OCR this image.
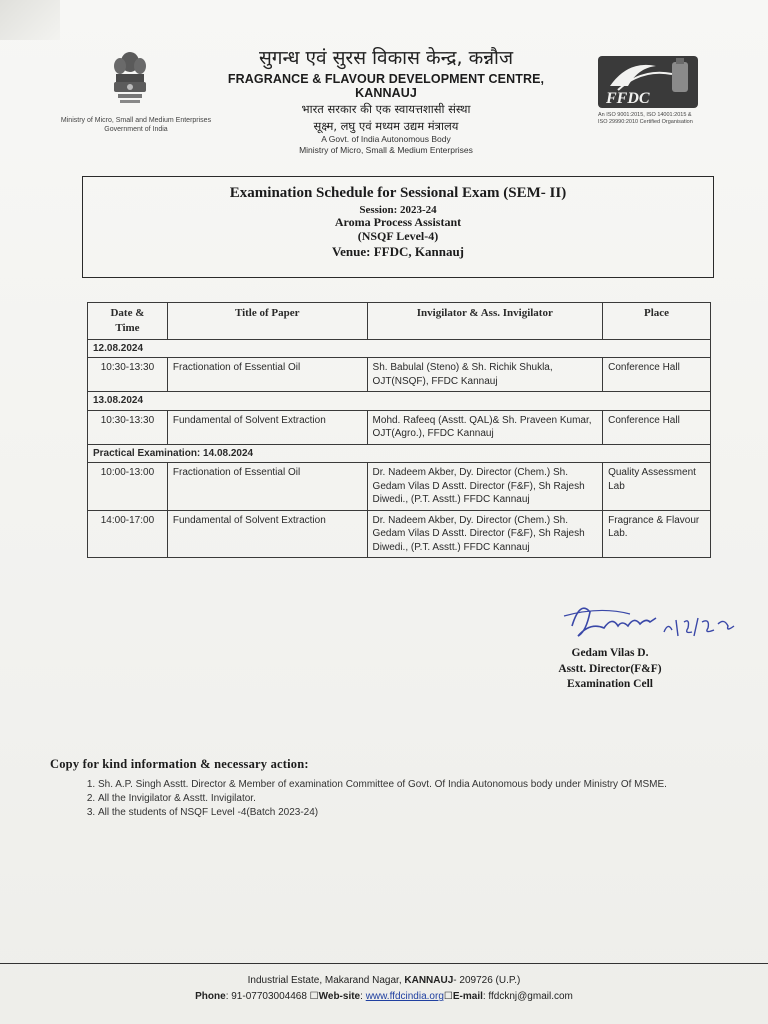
Ministry of Micro, Small and Medium Enterprises
Government of India
सुगन्ध एवं सुरस विकास केन्द्र, कन्नौज
FRAGRANCE & FLAVOUR DEVELOPMENT CENTRE, KANNAUJ
भारत सरकार की एक स्वायत्तशासी संस्था
सूक्ष्म, लघु एवं मध्यम उद्यम मंत्रालय
A Govt. of India Autonomous Body
Ministry of Micro, Small & Medium Enterprises
FFDC
An ISO 9001:2015, ISO 14001:2015 &
ISO 29990:2010 Certified Organisation
Examination Schedule for Sessional Exam (SEM- II)
Session: 2023-24
Aroma Process Assistant
(NSQF Level-4)
Venue: FFDC, Kannauj
Date &
Time	Title of Paper	Invigilator & Ass. Invigilator	Place
12.08.2024			
10:30-13:30	Fractionation of Essential Oil	Sh. Babulal (Steno) & Sh. Richik Shukla, OJT(NSQF), FFDC Kannauj	Conference Hall
13.08.2024			
10:30-13:30	Fundamental of Solvent Extraction	Mohd. Rafeeq (Asstt. QAL)& Sh. Praveen Kumar, OJT(Agro.), FFDC Kannauj	Conference Hall
Practical Examination: 14.08.2024			
10:00-13:00	Fractionation of Essential Oil	Dr. Nadeem Akber, Dy. Director (Chem.) Sh. Gedam Vilas D Asstt. Director (F&F), Sh Rajesh Diwedi., (P.T. Asstt.) FFDC Kannauj	Quality Assessment Lab
14:00-17:00	Fundamental of Solvent Extraction	Dr. Nadeem Akber, Dy. Director (Chem.) Sh. Gedam Vilas D Asstt. Director (F&F), Sh Rajesh Diwedi., (P.T. Asstt.) FFDC Kannauj	Fragrance & Flavour Lab.
Gedam Vilas D.
Asstt. Director(F&F)
Examination Cell
Copy for kind information & necessary action:
1. Sh. A.P. Singh Asstt. Director & Member of examination Committee of Govt. Of India Autonomous body under Ministry Of MSME.
2. All the Invigilator & Asstt. Invigilator.
3. All the students of NSQF Level -4(Batch 2023-24)
Industrial Estate, Makarand Nagar, KANNAUJ- 209726 (U.P.)
Phone: 91-07703004468 ☐Web-site: www.ffdcindia.org☐E-mail: ffdcknj@gmail.com
